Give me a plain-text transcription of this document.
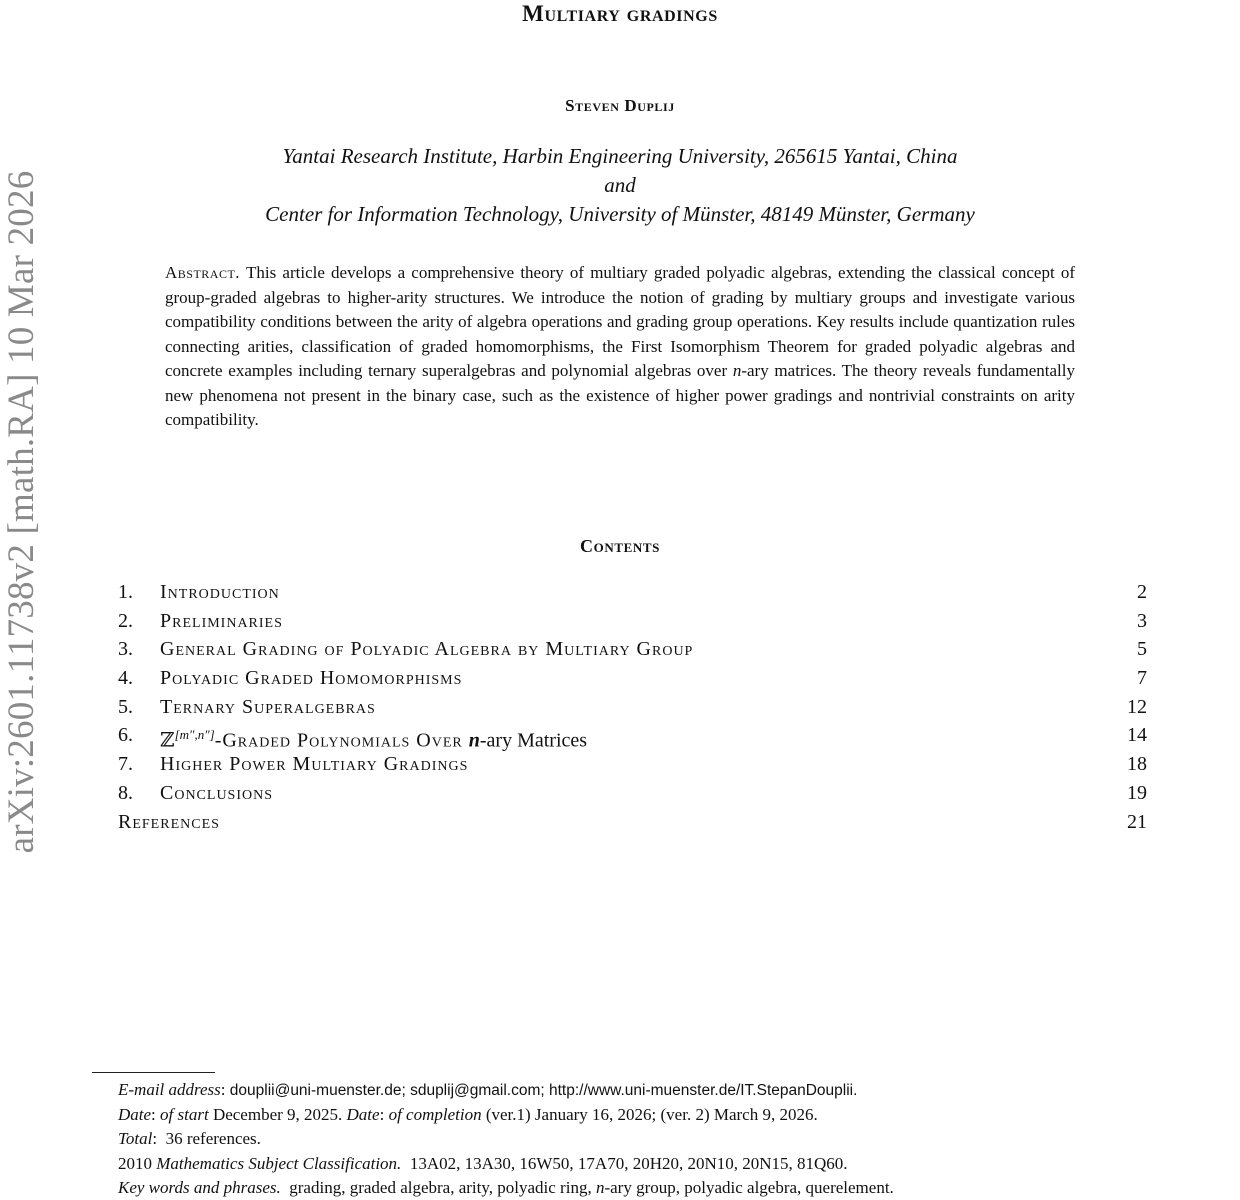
arXiv:2601.11738v2 [math.RA] 10 Mar 2026
Multiary gradings
Steven Duplij
Yantai Research Institute, Harbin Engineering University, 265615 Yantai, China
and
Center for Information Technology, University of Münster, 48149 Münster, Germany
Abstract. This article develops a comprehensive theory of multiary graded polyadic algebras, extending the classical concept of group-graded algebras to higher-arity structures. We introduce the notion of grading by multiary groups and investigate various compatibility conditions between the arity of algebra operations and grading group operations. Key results include quantization rules connecting arities, classification of graded homomorphisms, the First Isomorphism Theorem for graded polyadic algebras and concrete examples including ternary superalgebras and polynomial algebras over n-ary matrices. The theory reveals fundamentally new phenomena not present in the binary case, such as the existence of higher power gradings and nontrivial constraints on arity compatibility.
Contents
1. Introduction	2
2. Preliminaries	3
3. General Grading of Polyadic Algebra by Multiary Group	5
4. Polyadic Graded Homomorphisms	7
5. Ternary Superalgebras	12
6. ℤ[m″,n″]-Graded Polynomials Over n-ary Matrices	14
7. Higher Power Multiary Gradings	18
8. Conclusions	19
References	21
E-mail address: douplii@uni-muenster.de; sduplij@gmail.com; http://www.uni-muenster.de/IT.StepanDouplii.
Date: of start December 9, 2025. Date: of completion (ver.1) January 16, 2026; (ver. 2) March 9, 2026.
Total:  36 references.
2010 Mathematics Subject Classification. 13A02, 13A30, 16W50, 17A70, 20H20, 20N10, 20N15, 81Q60.
Key words and phrases. grading, graded algebra, arity, polyadic ring, n-ary group, polyadic algebra, querelement.
